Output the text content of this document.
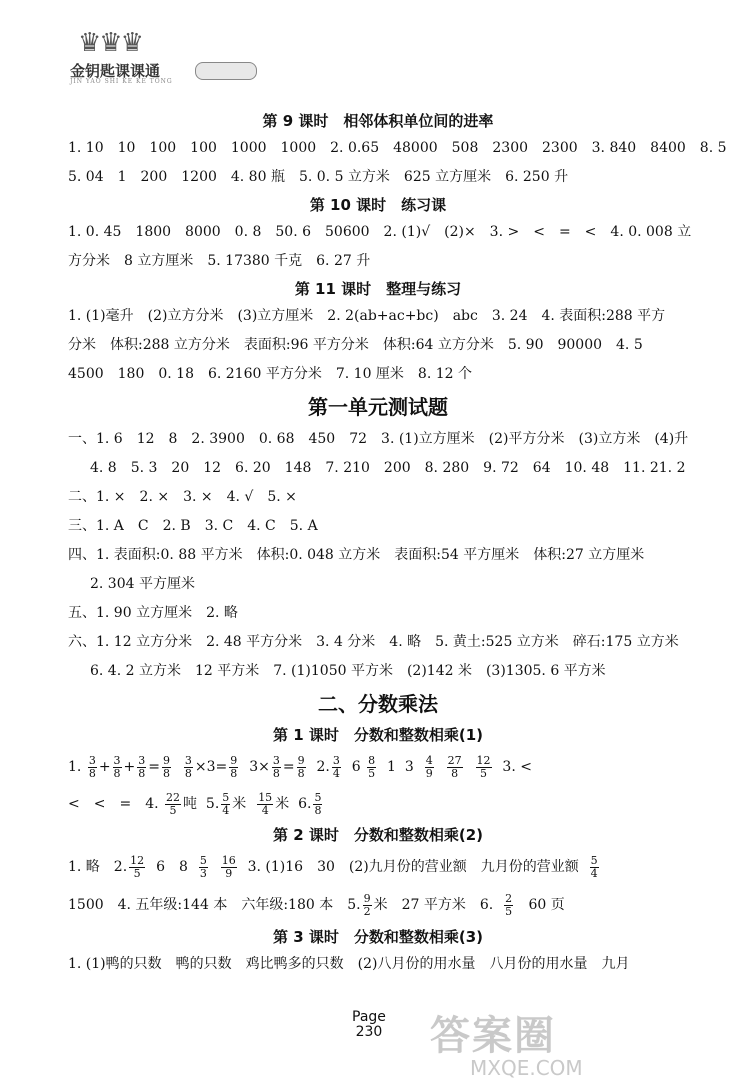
♛♛♛
金钥匙课课通
JIN YAO SHI KE KE TONG

第 9 课时　相邻体积单位间的进率

1. 10　10　100　100　1000　1000　2. 0.65　48000　508　2300　2300　3. 840　8400　8. 5

5. 04　1　200　1200　4. 80 瓶　5. 0. 5 立方米　625 立方厘米　6. 250 升

第 10 课时　练习课

1. 0. 45　1800　8000　0. 8　50. 6　50600　2. (1)√　(2)×　3. >　<　=　<　4. 0. 008 立

方分米　8 立方厘米　5. 17380 千克　6. 27 升

第 11 课时　整理与练习

1. (1)毫升　(2)立方分米　(3)立方厘米　2. 2(ab+ac+bc)　abc　3. 24　4. 表面积:288 平方

分米　体积:288 立方分米　表面积:96 平方分米　体积:64 立方分米　5. 90　90000　4. 5

4500　180　0. 18　6. 2160 平方分米　7. 10 厘米　8. 12 个

第一单元测试题

一、1. 6　12　8　2. 3900　0. 68　450　72　3. (1)立方厘米　(2)平方分米　(3)立方米　(4)升

4. 8　5. 3　20　12　6. 20　148　7. 210　200　8. 280　9. 72　64　10. 48　11. 21. 2

二、1. ×　2. ×　3. ×　4. √　5. ×

三、1. A　C　2. B　3. C　4. C　5. A

四、1. 表面积:0. 88 平方米　体积:0. 048 立方米　表面积:54 平方厘米　体积:27 立方厘米

2. 304 平方厘米

五、1. 90 立方厘米　2. 略

六、1. 12 立方分米　2. 48 平方分米　3. 4 分米　4. 略　5. 黄土:525 立方米　碎石:175 立方米

6. 4. 2 立方米　12 平方米　7. (1)1050 平方米　(2)142 米　(3)1305. 6 平方米

二、分数乘法

第 1 课时　分数和整数相乘(1)

1. $\frac{3}{8} + \frac{3}{8} + \frac{3}{8} = \frac{9}{8}$
$\frac{3}{8} \times 3= \frac{9}{8} 3\times \frac{3}{8} = \frac{9}{8} 2$. $\frac{3}{4} 6 \frac{8}{5} 1$ $3 \frac{4}{9}$
$\frac{27}{8}$
$\frac{12}{5} 3$. <

<　<　=　4. $\frac{22}{5}$ 吨 5. $\frac{5}{4}$ 米 $\frac{15}{4}$ 米 6. $\frac{5}{8}$

第 2 课时　分数和整数相乘(2)

1. 略　2. $\frac{12}{5} 6$　$8 \frac{5}{3}$
$\frac{16}{9} 3$. (1)16　30　(2)九月份的营业额　九月份的营业额 $\frac{5}{4}$

1500　4. 五年级:144 本　六年级:180 本　5. $\frac{9}{2}$ 米　27 平方米　6. $\frac{2}{5} 60$ 页

第 3 课时　分数和整数相乘(3)

1. (1)鸭的只数　鸭的只数　鸡比鸭多的只数　(2)八月份的用水量　八月份的用水量　九月

Page
230 答案圈
MXQE.COM
